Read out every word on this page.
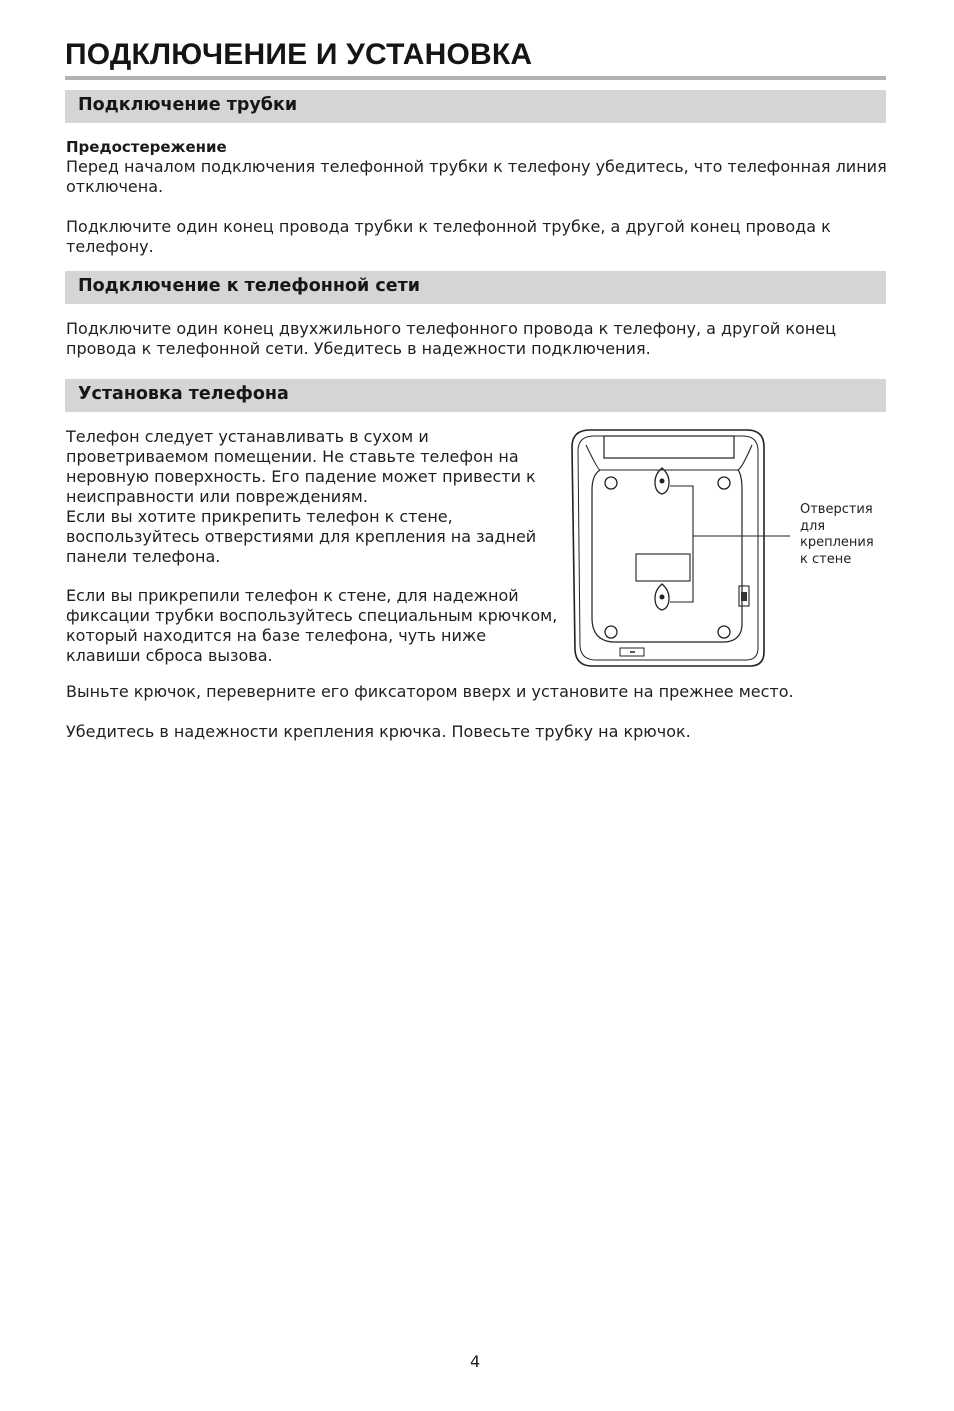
ПОДКЛЮЧЕНИЕ И УСТАНОВКА
Подключение трубки
Предостережение

Перед началом подключения телефонной трубки к телефону убедитесь, что телефонная линия
отключена.

Подключите один конец провода трубки к телефонной трубке, а другой конец провода к
телефону.

Подключение к телефонной сети

Подключите один конец двухжильного телефонного провода к телефону, а другой конец
провода к телефонной сети. Убедитесь в надежности подключения.

Установка телефона

Телефон следует устанавливать в сухом и
проветриваемом помещении. Не ставьте телефон на
неровную поверхность. Его падение может привести к
неисправности или повреждениям.
Если вы хотите прикрепить телефон к стене,
воспользуйтесь отверстиями для крепления на задней
панели телефона.

Если вы прикрепили телефон к стене, для надежной
фиксации трубки воспользуйтесь специальным крючком,
который находится на базе телефона, чуть ниже
клавиши сброса вызова.

Выньте крючок, переверните его фиксатором вверх и установите на прежнее место.

Убедитесь в надежности крепления крючка. Повесьте трубку на крючок.

Отверстия
для
крепления
к стене
4
